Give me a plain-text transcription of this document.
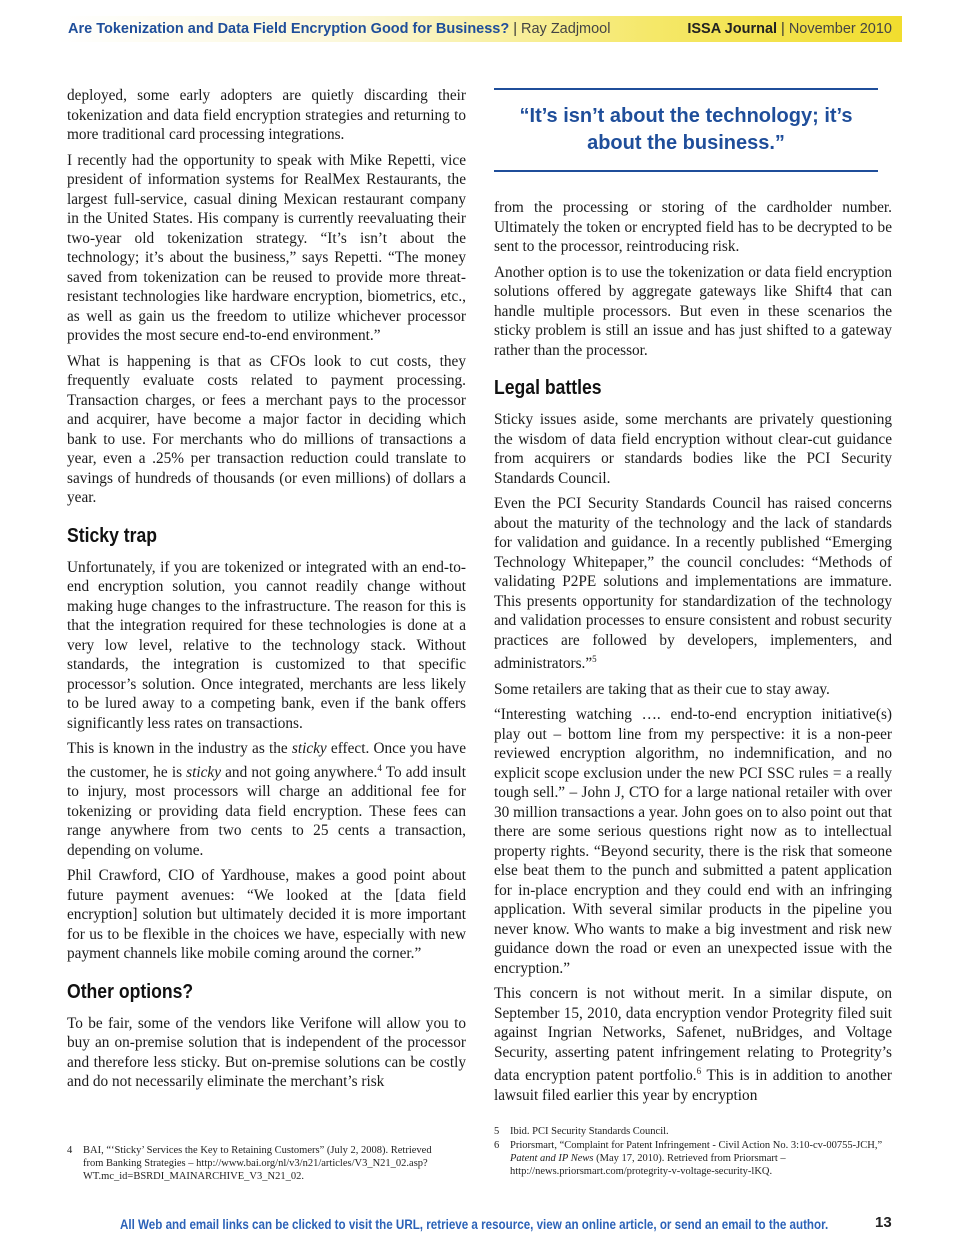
Are Tokenization and Data Field Encryption Good for Business? | Ray Zadjmool	ISSA Journal | November 2010

deployed, some early adopters are quietly discarding their tokenization and data field encryption strategies and returning to more traditional card processing integrations.

I recently had the opportunity to speak with Mike Repetti, vice president of information systems for RealMex Restaurants, the largest full-service, casual dining Mexican restaurant company in the United States. His company is currently reevaluating their two-year old tokenization strategy. “It’s isn’t about the technology; it’s about the business,” says Repetti. “The money saved from tokenization can be reused to provide more threat-resistant technologies like hardware encryption, biometrics, etc., as well as gain us the freedom to utilize whichever processor provides the most secure end-to-end environment.”

What is happening is that as CFOs look to cut costs, they frequently evaluate costs related to payment processing. Transaction charges, or fees a merchant pays to the processor and acquirer, have become a major factor in deciding which bank to use. For merchants who do millions of transactions a year, even a .25% per transaction reduction could translate to savings of hundreds of thousands (or even millions) of dollars a year.

Sticky trap

Unfortunately, if you are tokenized or integrated with an end-to-end encryption solution, you cannot readily change without making huge changes to the infrastructure. The reason for this is that the integration required for these technologies is done at a very low level, relative to the technology stack. Without standards, the integration is customized to that specific processor’s solution. Once integrated, merchants are less likely to be lured away to a competing bank, even if the bank offers significantly less rates on transactions.

This is known in the industry as the sticky effect. Once you have the customer, he is sticky and not going anywhere.$^4$ To add insult to injury, most processors will charge an additional fee for tokenizing or providing data field encryption. These fees can range anywhere from two cents to 25 cents a transaction, depending on volume.

Phil Crawford, CIO of Yardhouse, makes a good point about future payment avenues: “We looked at the [data field encryption] solution but ultimately decided it is more important for us to be flexible in the choices we have, especially with new payment channels like mobile coming around the corner.”

Other options?

To be fair, some of the vendors like Verifone will allow you to buy an on-premise solution that is independent of the processor and therefore less sticky. But on-premise solutions can be costly and do not necessarily eliminate the merchant’s risk

“It’s isn’t about the technology; it’s about the business.”

from the processing or storing of the cardholder number. Ultimately the token or encrypted field has to be decrypted to be sent to the processor, reintroducing risk.

Another option is to use the tokenization or data field encryption solutions offered by aggregate gateways like Shift4 that can handle multiple processors. But even in these scenarios the sticky problem is still an issue and has just shifted to a gateway rather than the processor.

Legal battles

Sticky issues aside, some merchants are privately questioning the wisdom of data field encryption without clear-cut guidance from acquirers or standards bodies like the PCI Security Standards Council.

Even the PCI Security Standards Council has raised concerns about the maturity of the technology and the lack of standards for validation and guidance. In a recently published “Emerging Technology Whitepaper,” the council concludes: “Methods of validating P2PE solutions and implementations are immature. This presents opportunity for standardization of the technology and validation processes to ensure consistent and robust security practices are followed by developers, implementers, and administrators.”$^5$

Some retailers are taking that as their cue to stay away.

“Interesting watching …. end-to-end encryption initiative(s) play out – bottom line from my perspective: it is a non-peer reviewed encryption algorithm, no indemnification, and no explicit scope exclusion under the new PCI SSC rules = a really tough sell.” – John J, CTO for a large national retailer with over 30 million transactions a year. John goes on to also point out that there are some serious questions right now as to intellectual property rights. “Beyond security, there is the risk that someone else beat them to the punch and submitted a patent application for in-place encryption and they could end with an infringing application. With several similar products in the pipeline you never know. Who wants to make a big investment and risk new guidance down the road or even an unexpected issue with the encryption.”

This concern is not without merit. In a similar dispute, on September 15, 2010, data encryption vendor Protegrity filed suit against Ingrian Networks, Safenet, nuBridges, and Voltage Security, asserting patent infringement relating to Protegrity’s data encryption patent portfolio.$^6$ This is in addition to another lawsuit filed earlier this year by encryption

4	BAI, “‘Sticky’ Services the Key to Retaining Customers” (July 2, 2008). Retrieved from Banking Strategies – http://www.bai.org/nl/v3/n21/articles/V3_N21_02.asp?WT.mc_id=BSRDI_MAINARCHIVE_V3_N21_02.
5	Ibid. PCI Security Standards Council.
6	Priorsmart, “Complaint for Patent Infringement - Civil Action No. 3:10-cv-00755-JCH,” Patent and IP News (May 17, 2010). Retrieved from Priorsmart – http://news.priorsmart.com/protegrity-v-voltage-security-lKQ.
All Web and email links can be clicked to visit the URL, retrieve a resource, view an online article, or send an email to the author.	13
